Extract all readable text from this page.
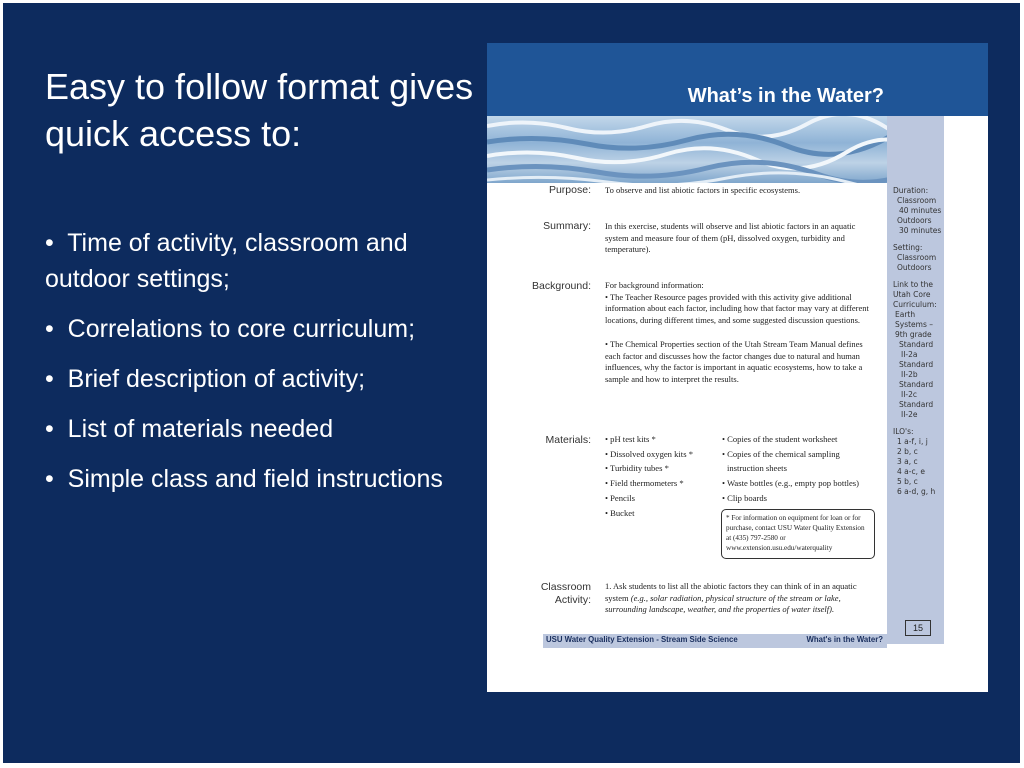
Easy to follow format gives quick access to:
• Time of activity, classroom and outdoor settings;
• Correlations to core curriculum;
• Brief description of activity;
• List of materials needed
• Simple class and field instructions
What’s in the Water?
Duration:
Classroom
40 minutes
Outdoors
30 minutes
Setting:
Classroom
Outdoors
Link to the
Utah Core
Curriculum:
Earth
Systems –
9th grade
Standard
II-2a
Standard
II-2b
Standard
II-2c
Standard
II-2e
ILO's:
1 a-f, i, j
2 b, c
3 a, c
4 a-c, e
5 b, c
6 a-d, g, h
Purpose: To observe and list abiotic factors in specific ecosystems.
Summary: In this exercise, students will observe and list abiotic factors in an aquatic system and measure four of them (pH, dissolved oxygen, turbidity and temperature).
Background: For background information:
• The Teacher Resource pages provided with this activity give additional information about each factor, including how that factor may vary at different locations, during different times, and some suggested discussion questions.
• The Chemical Properties section of the Utah Stream Team Manual defines each factor and discusses how the factor changes due to natural and human influences, why the factor is important in aquatic ecosystems, how to take a sample and how to interpret the results.
Materials: • pH test kits *
• Dissolved oxygen kits *
• Turbidity tubes *
• Field thermometers *
• Pencils
• Bucket
• Copies of the student worksheet
• Copies of the chemical sampling
instruction sheets
• Waste bottles (e.g., empty pop bottles)
• Clip boards
* For information on equipment for loan or for purchase, contact USU Water Quality Extension at (435) 797-2580 or www.extension.usu.edu/waterquality
Classroom
Activity:
1. Ask students to list all the abiotic factors they can think of in an aquatic system (e.g., solar radiation, physical structure of the stream or lake, surrounding landscape, weather, and the properties of water itself).
15
USU Water Quality Extension - Stream Side Science	What's in the Water?
